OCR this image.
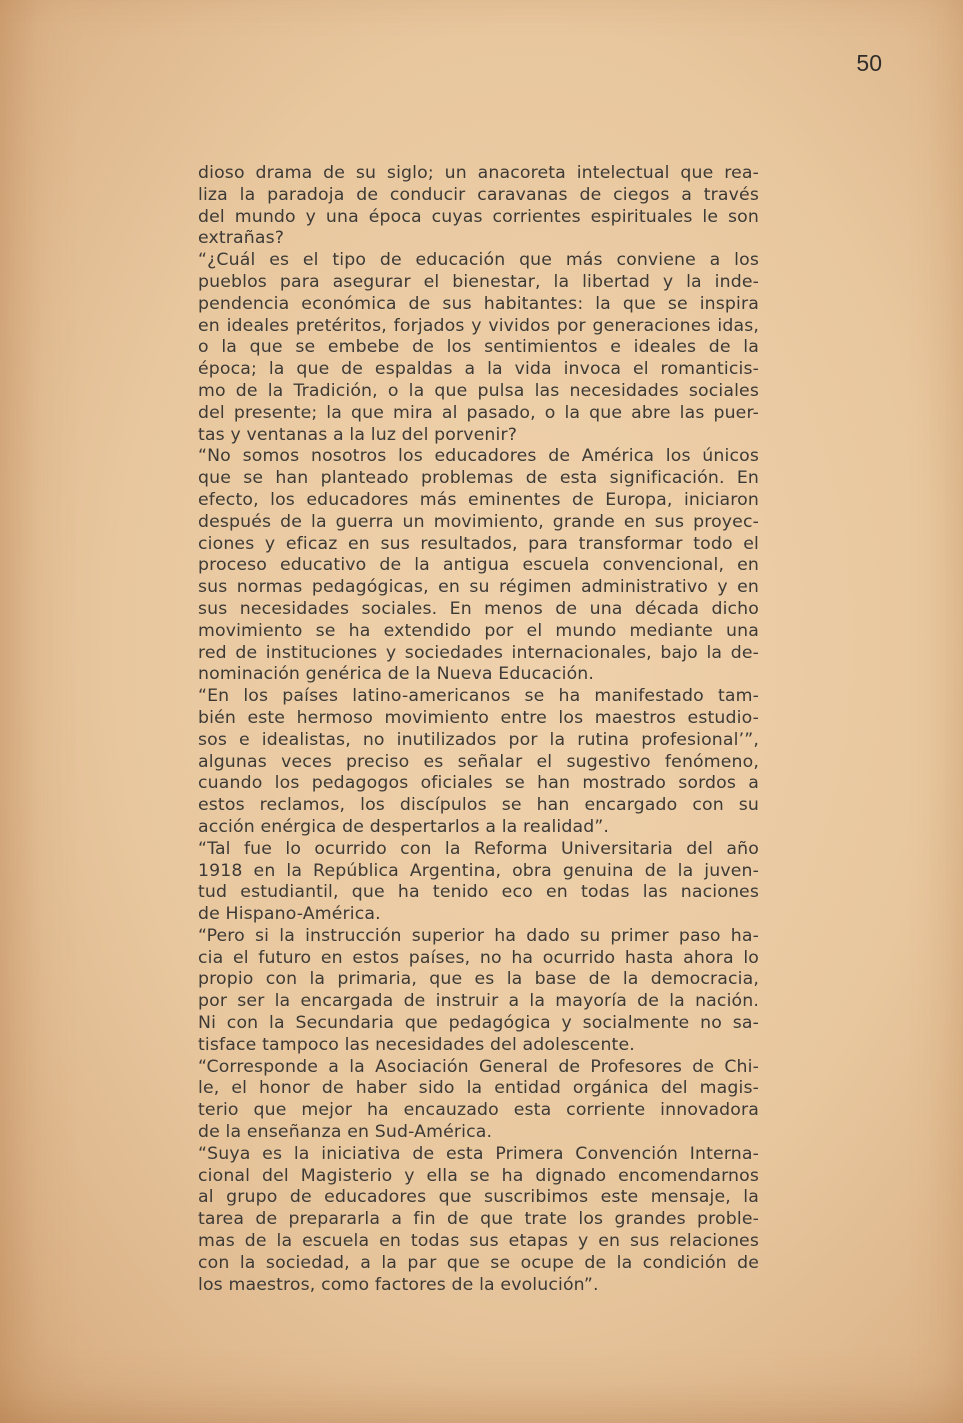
50
dioso drama de su siglo; un anacoreta intelectual que rea-
liza la paradoja de conducir caravanas de ciegos a través
del mundo y una época cuyas corrientes espirituales le son
extrañas?
“¿Cuál es el tipo de educación que más conviene a los
pueblos para asegurar el bienestar, la libertad y la inde-
pendencia económica de sus habitantes: la que se inspira
en ideales pretéritos, forjados y vividos por generaciones idas,
o la que se embebe de los sentimientos e ideales de la
época; la que de espaldas a la vida invoca el romanticis-
mo de la Tradición, o la que pulsa las necesidades sociales
del presente; la que mira al pasado, o la que abre las puer-
tas y ventanas a la luz del porvenir?
“No somos nosotros los educadores de América los únicos
que se han planteado problemas de esta significación. En
efecto, los educadores más eminentes de Europa, iniciaron
después de la guerra un movimiento, grande en sus proyec-
ciones y eficaz en sus resultados, para transformar todo el
proceso educativo de la antigua escuela convencional, en
sus normas pedagógicas, en su régimen administrativo y en
sus necesidades sociales. En menos de una década dicho
movimiento se ha extendido por el mundo mediante una
red de instituciones y sociedades internacionales, bajo la de-
nominación genérica de la Nueva Educación.
“En los países latino-americanos se ha manifestado tam-
bién este hermoso movimiento entre los maestros estudio-
sos e idealistas, no inutilizados por la rutina profesional’”,
algunas veces preciso es señalar el sugestivo fenómeno,
cuando los pedagogos oficiales se han mostrado sordos a
estos reclamos, los discípulos se han encargado con su
acción enérgica de despertarlos a la realidad”.
“Tal fue lo ocurrido con la Reforma Universitaria del año
1918 en la República Argentina, obra genuina de la juven-
tud estudiantil, que ha tenido eco en todas las naciones
de Hispano-América.
“Pero si la instrucción superior ha dado su primer paso ha-
cia el futuro en estos países, no ha ocurrido hasta ahora lo
propio con la primaria, que es la base de la democracia,
por ser la encargada de instruir a la mayoría de la nación.
Ni con la Secundaria que pedagógica y socialmente no sa-
tisface tampoco las necesidades del adolescente.
“Corresponde a la Asociación General de Profesores de Chi-
le, el honor de haber sido la entidad orgánica del magis-
terio que mejor ha encauzado esta corriente innovadora
de la enseñanza en Sud-América.
“Suya es la iniciativa de esta Primera Convención Interna-
cional del Magisterio y ella se ha dignado encomendarnos
al grupo de educadores que suscribimos este mensaje, la
tarea de prepararla a fin de que trate los grandes proble-
mas de la escuela en todas sus etapas y en sus relaciones
con la sociedad, a la par que se ocupe de la condición de
los maestros, como factores de la evolución”.
